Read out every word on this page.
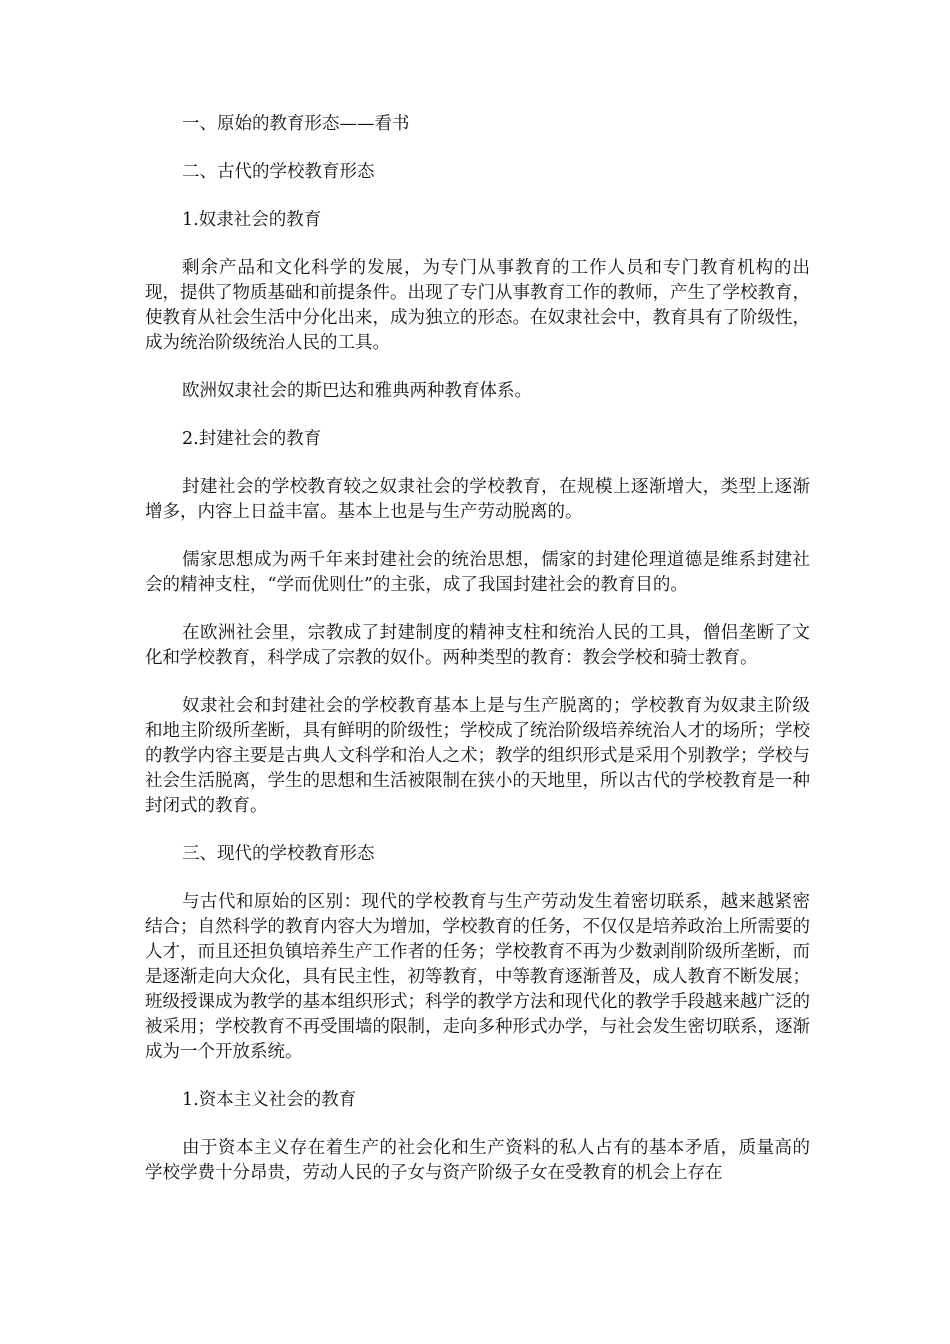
一、原始的教育形态——看书

二、古代的学校教育形态

1.奴隶社会的教育

剩余产品和文化科学的发展，为专门从事教育的工作人员和专门教育机构的出现，提供了物质基础和前提条件。出现了专门从事教育工作的教师，产生了学校教育，使教育从社会生活中分化出来，成为独立的形态。在奴隶社会中，教育具有了阶级性，成为统治阶级统治人民的工具。

欧洲奴隶社会的斯巴达和雅典两种教育体系。

2.封建社会的教育

封建社会的学校教育较之奴隶社会的学校教育，在规模上逐渐增大，类型上逐渐增多，内容上日益丰富。基本上也是与生产劳动脱离的。

儒家思想成为两千年来封建社会的统治思想，儒家的封建伦理道德是维系封建社会的精神支柱，“学而优则仕”的主张，成了我国封建社会的教育目的。

在欧洲社会里，宗教成了封建制度的精神支柱和统治人民的工具，僧侣垄断了文化和学校教育，科学成了宗教的奴仆。两种类型的教育：教会学校和骑士教育。

奴隶社会和封建社会的学校教育基本上是与生产脱离的；学校教育为奴隶主阶级和地主阶级所垄断，具有鲜明的阶级性；学校成了统治阶级培养统治人才的场所；学校的教学内容主要是古典人文科学和治人之术；教学的组织形式是采用个别教学；学校与社会生活脱离，学生的思想和生活被限制在狭小的天地里，所以古代的学校教育是一种封闭式的教育。

三、现代的学校教育形态

与古代和原始的区别：现代的学校教育与生产劳动发生着密切联系，越来越紧密结合；自然科学的教育内容大为增加，学校教育的任务，不仅仅是培养政治上所需要的人才，而且还担负镇培养生产工作者的任务；学校教育不再为少数剥削阶级所垄断，而是逐渐走向大众化，具有民主性，初等教育，中等教育逐渐普及，成人教育不断发展；班级授课成为教学的基本组织形式；科学的教学方法和现代化的教学手段越来越广泛的被采用；学校教育不再受围墙的限制，走向多种形式办学，与社会发生密切联系，逐渐成为一个开放系统。

1.资本主义社会的教育

由于资本主义存在着生产的社会化和生产资料的私人占有的基本矛盾，质量高的学校学费十分昂贵，劳动人民的子女与资产阶级子女在受教育的机会上存在
